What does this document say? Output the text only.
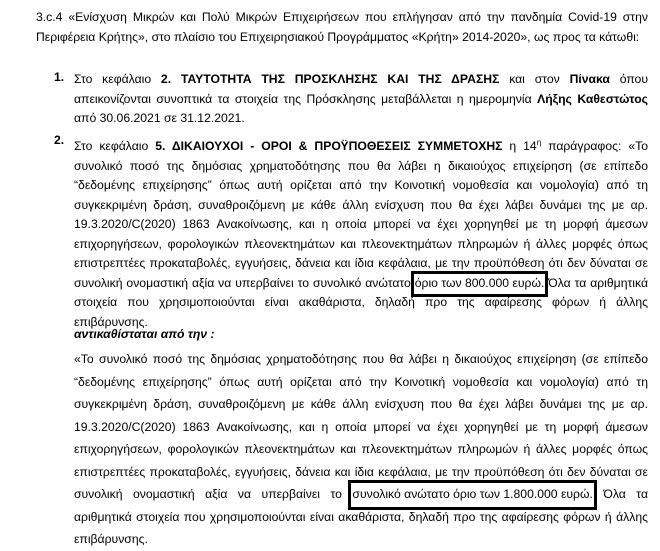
3.c.4 «Ενίσχυση Μικρών και Πολύ Μικρών Επιχειρήσεων που επλήγησαν από την πανδημία Covid-19 στην Περιφέρεια Κρήτης», στο πλαίσιο του Επιχειρησιακού Προγράμματος «Κρήτη» 2014-2020», ως προς τα κάτωθι:
1. Στο κεφάλαιο 2. ΤΑΥΤΟΤΗΤΑ ΤΗΣ ΠΡΟΣΚΛΗΣΗΣ ΚΑΙ ΤΗΣ ΔΡΑΣΗΣ και στον Πίνακα όπου απεικονίζονται συνοπτικά τα στοιχεία της Πρόσκλησης μεταβάλλεται η ημερομηνία Λήξης Καθεστώτος από 30.06.2021 σε 31.12.2021.
2. Στο κεφάλαιο 5. ΔΙΚΑΙΟΥΧΟΙ - ΟΡΟΙ & ΠΡΟΫΠΟΘΕΣΕΙΣ ΣΥΜΜΕΤΟΧΗΣ η $14^\eta$ παράγραφος: «Το συνολικό ποσό της δημόσιας χρηματοδότησης που θα λάβει η δικαιούχος επιχείρηση (σε επίπεδο “δεδομένης επιχείρησης” όπως αυτή ορίζεται από την Κοινοτική νομοθεσία και νομολογία) από τη συγκεκριμένη δράση, συναθροιζόμενη με κάθε άλλη ενίσχυση που θα έχει λάβει δυνάμει της με αρ. 19.3.2020/C(2020) 1863 Ανακοίνωσης, και η οποία μπορεί να έχει χορηγηθεί με τη μορφή άμεσων επιχορηγήσεων, φορολογικών πλεονεκτημάτων και πλεονεκτημάτων πληρωμών ή άλλες μορφές όπως επιστρεπτέες προκαταβολές, εγγυήσεις, δάνεια και ίδια κεφάλαια, με την προϋπόθεση ότι δεν δύναται σε συνολική ονομαστική αξία να υπερβαίνει το συνολικό ανώτατο όριο των 800.000 ευρώ. Όλα τα αριθμητικά στοιχεία που χρησιμοποιούνται είναι ακαθάριστα, δηλαδή προ της αφαίρεσης φόρων ή άλλης επιβάρυνσης.
αντικαθίσταται από την :
«Το συνολικό ποσό της δημόσιας χρηματοδότησης που θα λάβει η δικαιούχος επιχείρηση (σε επίπεδο “δεδομένης επιχείρησης” όπως αυτή ορίζεται από την Κοινοτική νομοθεσία και νομολογία) από τη συγκεκριμένη δράση, συναθροιζόμενη με κάθε άλλη ενίσχυση που θα έχει λάβει δυνάμει της με αρ. 19.3.2020/C(2020) 1863 Ανακοίνωσης, και η οποία μπορεί να έχει χορηγηθεί με τη μορφή άμεσων επιχορηγήσεων, φορολογικών πλεονεκτημάτων και πλεονεκτημάτων πληρωμών ή άλλες μορφές όπως επιστρεπτέες προκαταβολές, εγγυήσεις, δάνεια και ίδια κεφάλαια, με την προϋπόθεση ότι δεν δύναται σε συνολική ονομαστική αξία να υπερβαίνει το συνολικό ανώτατο όριο των 1.800.000 ευρώ. Όλα τα αριθμητικά στοιχεία που χρησιμοποιούνται είναι ακαθάριστα, δηλαδή προ της αφαίρεσης φόρων ή άλλης επιβάρυνσης.
